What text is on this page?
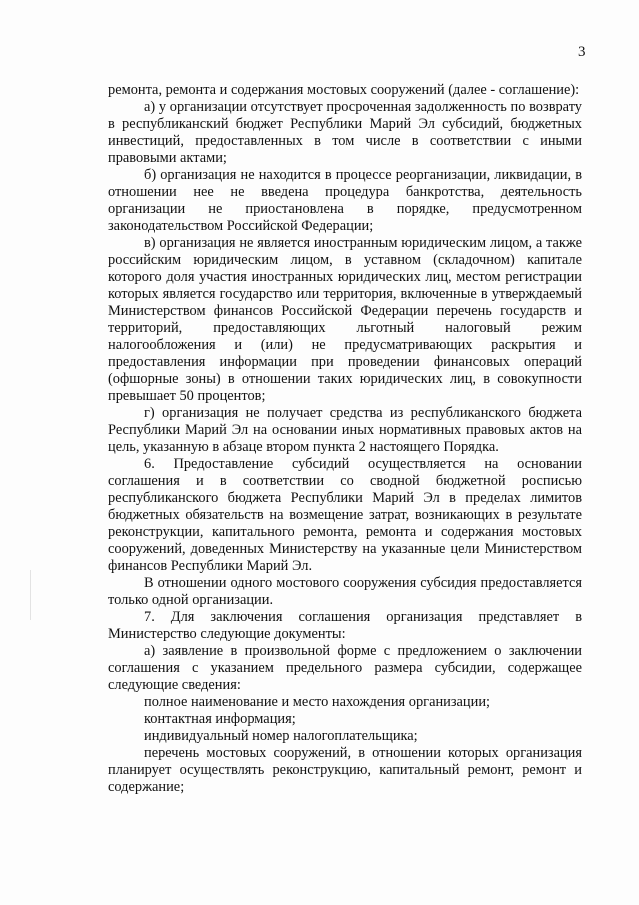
3

ремонта, ремонта и содержания мостовых сооружений (далее - соглашение):

а) у организации отсутствует просроченная задолженность по возврату в республиканский бюджет Республики Марий Эл субсидий, бюджетных инвестиций, предоставленных в том числе в соответствии с иными правовыми актами;

б) организация не находится в процессе реорганизации, ликвидации, в отношении нее не введена процедура банкротства, деятельность организации не приостановлена в порядке, предусмотренном законодательством Российской Федерации;

в) организация не является иностранным юридическим лицом, а также российским юридическим лицом, в уставном (складочном) капитале которого доля участия иностранных юридических лиц, местом регистрации которых является государство или территория, включенные в утверждаемый Министерством финансов Российской Федерации перечень государств и территорий, предоставляющих льготный налоговый режим налогообложения и (или) не предусматривающих раскрытия и предоставления информации при проведении финансовых операций (офшорные зоны) в отношении таких юридических лиц, в совокупности превышает 50 процентов;

г) организация не получает средства из республиканского бюджета Республики Марий Эл на основании иных нормативных правовых актов на цель, указанную в абзаце втором пункта 2 настоящего Порядка.

6. Предоставление субсидий осуществляется на основании соглашения и в соответствии со сводной бюджетной росписью республиканского бюджета Республики Марий Эл в пределах лимитов бюджетных обязательств на возмещение затрат, возникающих в результате реконструкции, капитального ремонта, ремонта и содержания мостовых сооружений, доведенных Министерству на указанные цели Министерством финансов Республики Марий Эл.

В отношении одного мостового сооружения субсидия предоставляется только одной организации.

7. Для заключения соглашения организация представляет в Министерство следующие документы:

а) заявление в произвольной форме с предложением о заключении соглашения с указанием предельного размера субсидии, содержащее следующие сведения:

полное наименование и место нахождения организации;

контактная информация;

индивидуальный номер налогоплательщика;

перечень мостовых сооружений, в отношении которых организация планирует осуществлять реконструкцию, капитальный ремонт, ремонт и содержание;
